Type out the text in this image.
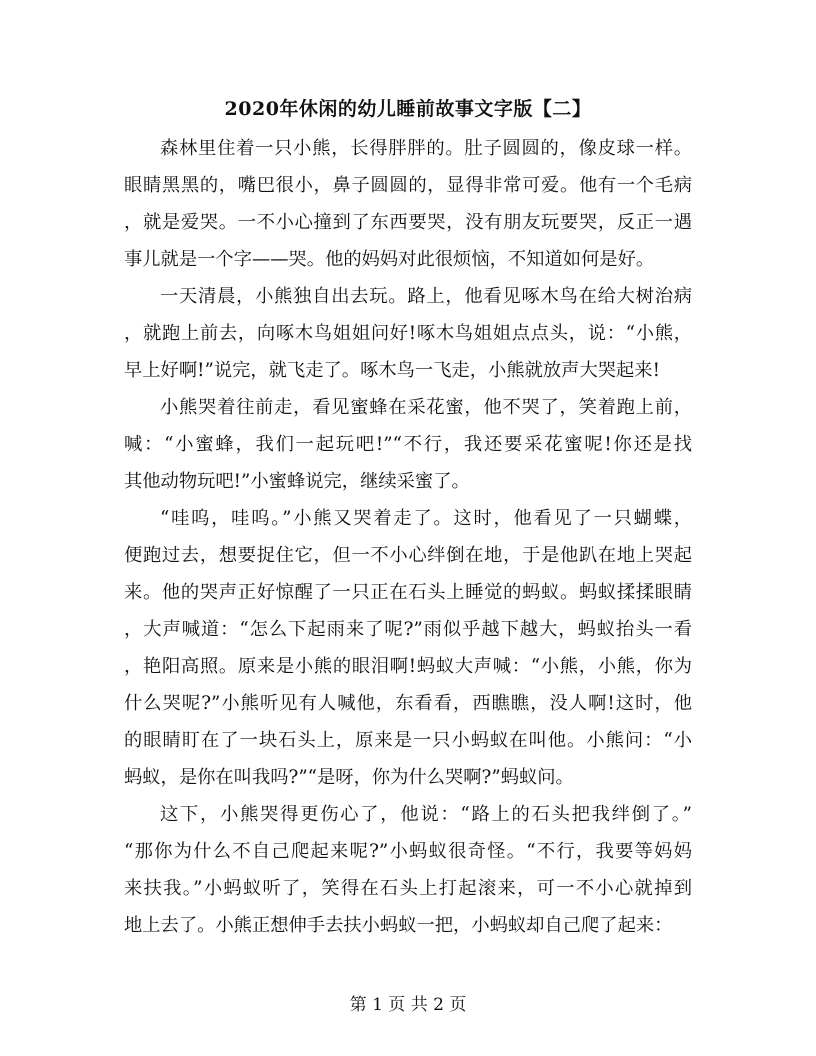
2020年休闲的幼儿睡前故事文字版【二】
森林里住着一只小熊，长得胖胖的。肚子圆圆的，像皮球一样。
眼睛黑黑的，嘴巴很小，鼻子圆圆的，显得非常可爱。他有一个毛病
，就是爱哭。一不小心撞到了东西要哭，没有朋友玩要哭，反正一遇
事儿就是一个字——哭。他的妈妈对此很烦恼，不知道如何是好。
一天清晨，小熊独自出去玩。路上，他看见啄木鸟在给大树治病
，就跑上前去，向啄木鸟姐姐问好!啄木鸟姐姐点点头，说：“小熊，
早上好啊!”说完，就飞走了。啄木鸟一飞走，小熊就放声大哭起来!
小熊哭着往前走，看见蜜蜂在采花蜜，他不哭了，笑着跑上前，
喊：“小蜜蜂，我们一起玩吧!”“不行，我还要采花蜜呢!你还是找
其他动物玩吧!”小蜜蜂说完，继续采蜜了。
“哇呜，哇呜。”小熊又哭着走了。这时，他看见了一只蝴蝶，
便跑过去，想要捉住它，但一不小心绊倒在地，于是他趴在地上哭起
来。他的哭声正好惊醒了一只正在石头上睡觉的蚂蚁。蚂蚁揉揉眼睛
，大声喊道：“怎么下起雨来了呢?”雨似乎越下越大，蚂蚁抬头一看
，艳阳高照。原来是小熊的眼泪啊!蚂蚁大声喊：“小熊，小熊，你为
什么哭呢?”小熊听见有人喊他，东看看，西瞧瞧，没人啊!这时，他
的眼睛盯在了一块石头上，原来是一只小蚂蚁在叫他。小熊问：“小
蚂蚁，是你在叫我吗?”“是呀，你为什么哭啊?”蚂蚁问。
这下，小熊哭得更伤心了，他说：“路上的石头把我绊倒了。”
“那你为什么不自己爬起来呢?”小蚂蚁很奇怪。“不行，我要等妈妈
来扶我。”小蚂蚁听了，笑得在石头上打起滚来，可一不小心就掉到
地上去了。小熊正想伸手去扶小蚂蚁一把，小蚂蚁却自己爬了起来：
第 1 页 共 2 页
